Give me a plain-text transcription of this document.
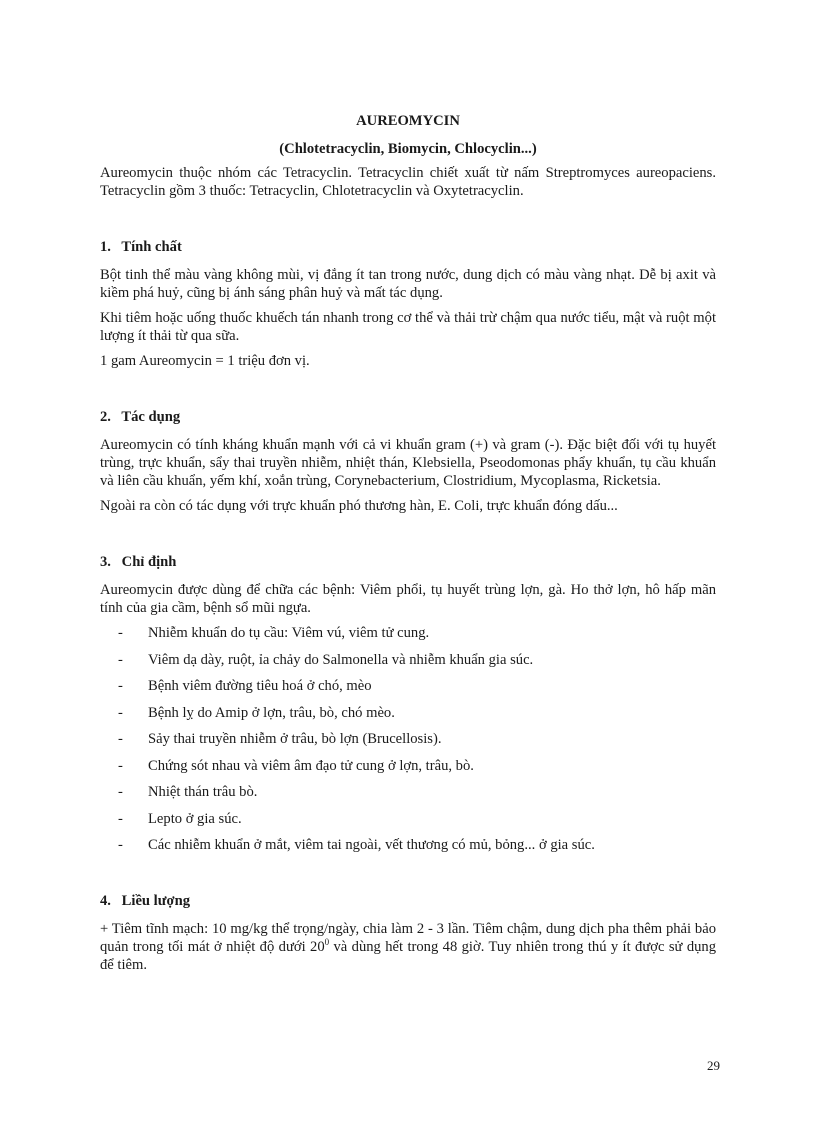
AUREOMYCIN
(Chlotetracyclin, Biomycin, Chlocyclin...)

Aureomycin thuộc nhóm các Tetracyclin. Tetracyclin chiết xuất từ nấm Streptromyces aureopaciens. Tetracyclin gồm 3 thuốc: Tetracyclin, Chlotetracyclin và Oxytetracyclin.

1. Tính chất

Bột tinh thể màu vàng không mùi, vị đắng ít tan trong nước, dung dịch có màu vàng nhạt. Dễ bị axit và kiềm phá huỷ, cũng bị ánh sáng phân huỷ và mất tác dụng.

Khi tiêm hoặc uống thuốc khuếch tán nhanh trong cơ thể và thải trừ chậm qua nước tiểu, mật và ruột một lượng ít thải từ qua sữa.

1 gam Aureomycin = 1 triệu đơn vị.

2. Tác dụng

Aureomycin có tính kháng khuẩn mạnh với cả vi khuẩn gram (+) và gram (-). Đặc biệt đối với tụ huyết trùng, trực khuẩn, sẩy thai truyền nhiễm, nhiệt thán, Klebsiella, Pseodomonas phẩy khuẩn, tụ cầu khuẩn và liên cầu khuẩn, yếm khí, xoắn trùng, Corynebacterium, Clostridium, Mycoplasma, Ricketsia.

Ngoài ra còn có tác dụng với trực khuẩn phó thương hàn, E. Coli, trực khuẩn đóng dấu...

3. Chỉ định

Aureomycin được dùng để chữa các bệnh: Viêm phổi, tụ huyết trùng lợn, gà. Ho thở lợn, hô hấp mãn tính của gia cầm, bệnh sổ mũi ngựa.

-	Nhiễm khuẩn do tụ cầu: Viêm vú, viêm tử cung.
-	Viêm dạ dày, ruột, ỉa chảy do Salmonella và nhiễm khuẩn gia súc.
-	Bệnh viêm đường tiêu hoá ở chó, mèo
-	Bệnh lỵ do Amip ở lợn, trâu, bò, chó mèo.
-	Sảy thai truyền nhiễm ở trâu, bò lợn (Brucellosis).
-	Chứng sót nhau và viêm âm đạo tử cung ở lợn, trâu, bò.
-	Nhiệt thán trâu bò.
-	Lepto ở gia súc.
-	Các nhiễm khuẩn ở mắt, viêm tai ngoài, vết thương có mủ, bỏng... ở gia súc.
4. Liều lượng

+ Tiêm tĩnh mạch: 10 mg/kg thể trọng/ngày, chia làm 2 - 3 lần. Tiêm chậm, dung dịch pha thêm phải bảo quản trong tối mát ở nhiệt độ dưới $20^0$ và dùng hết trong 48 giờ. Tuy nhiên trong thú y ít được sử dụng để tiêm.

29
